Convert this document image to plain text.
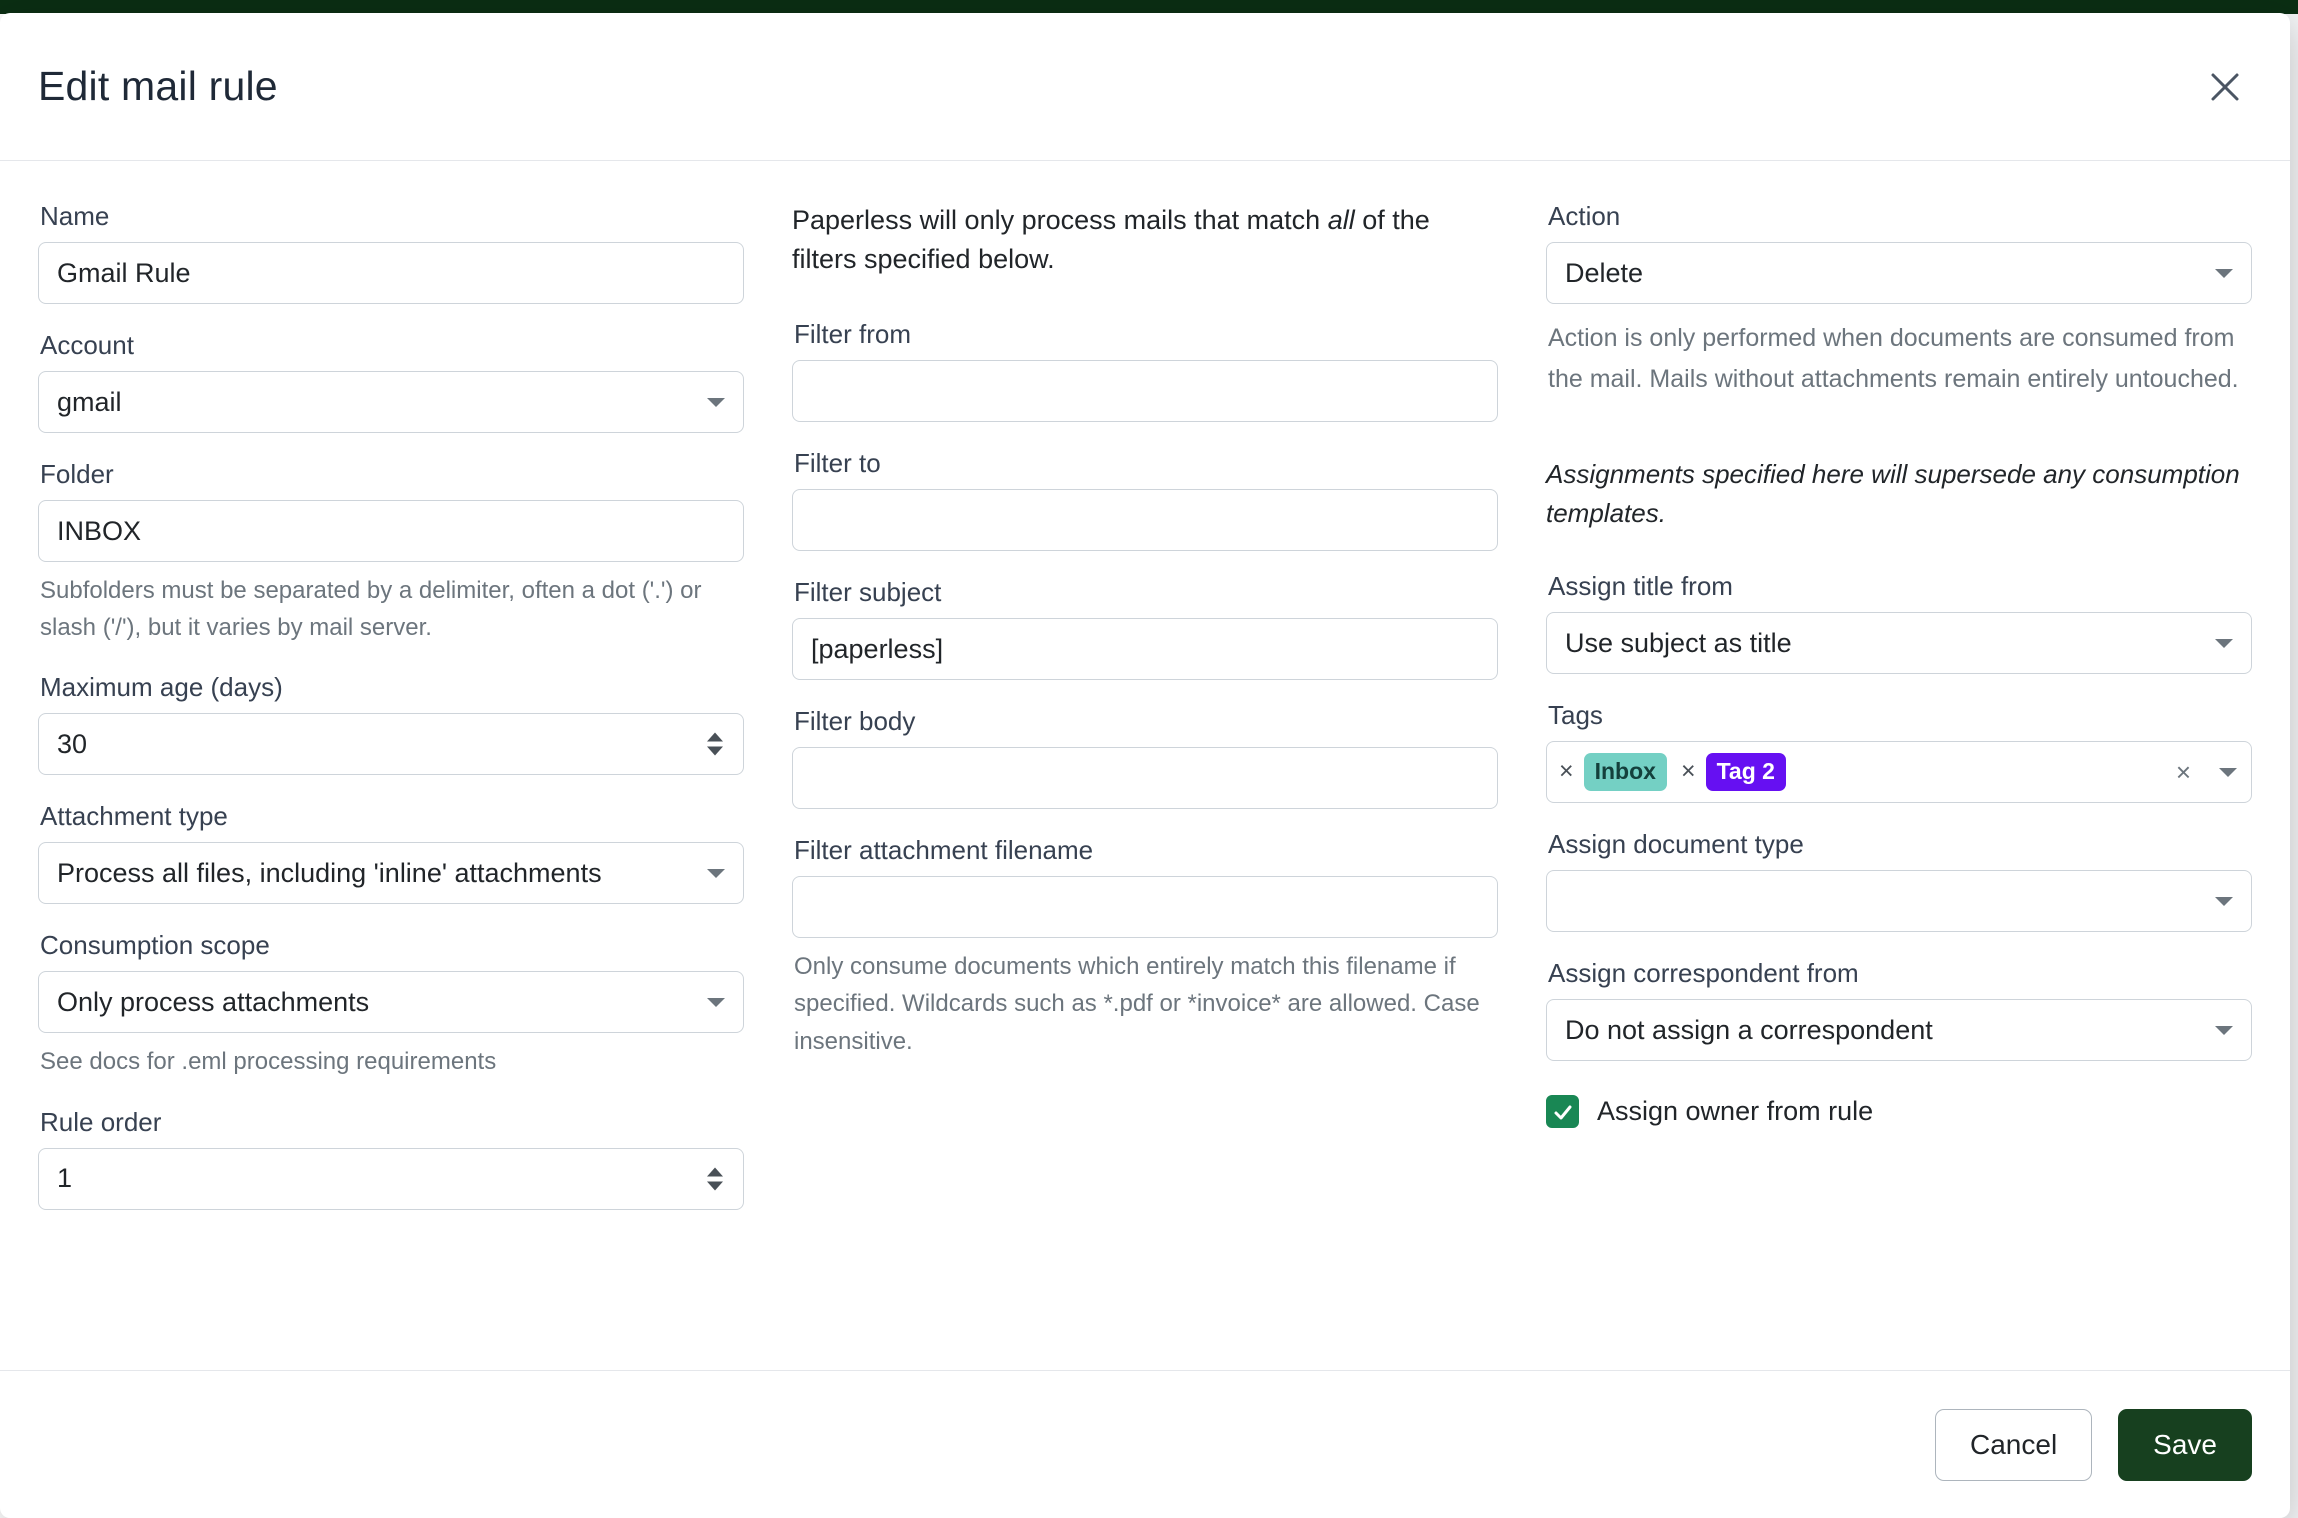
Edit mail rule
Name
Gmail Rule
Account
gmail
Folder
INBOX
Subfolders must be separated by a delimiter, often a dot ('.') or slash ('/'), but it varies by mail server.
Maximum age (days)
30
Attachment type
Process all files, including 'inline' attachments
Consumption scope
Only process attachments
See docs for .eml processing requirements
Rule order
1
Paperless will only process mails that match all of the filters specified below.
Filter from
Filter to
Filter subject
[paperless]
Filter body
Filter attachment filename
Only consume documents which entirely match this filename if specified. Wildcards such as *.pdf or *invoice* are allowed. Case insensitive.
Action
Delete
Action is only performed when documents are consumed from the mail. Mails without attachments remain entirely untouched.
Assignments specified here will supersede any consumption templates.
Assign title from
Use subject as title
Tags
× Inbox	× Tag 2	×
Assign document type
Assign correspondent from
Do not assign a correspondent
Assign owner from rule
Cancel	Save
